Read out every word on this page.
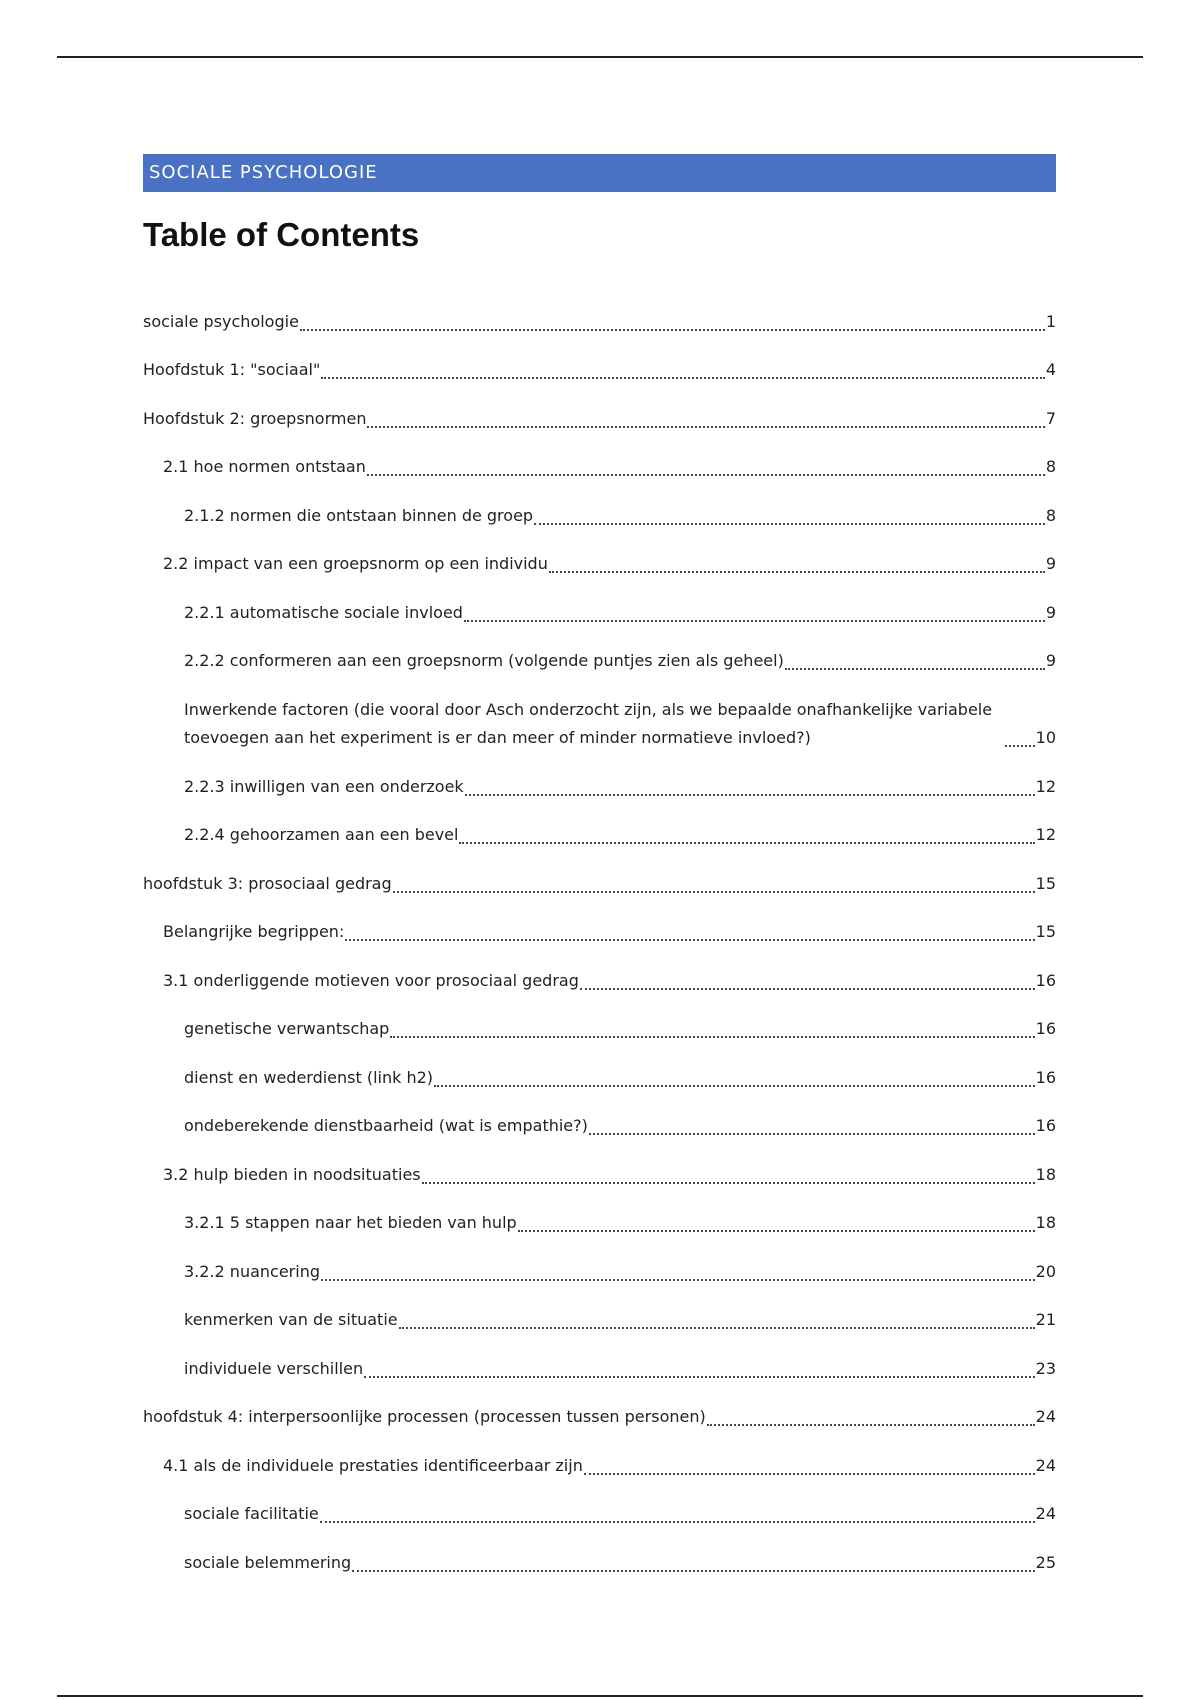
SOCIALE PSYCHOLOGIE
Table of Contents
sociale psychologie	1
Hoofdstuk 1: "sociaal"	4
Hoofdstuk 2: groepsnormen	7
2.1 hoe normen ontstaan	8
2.1.2 normen die ontstaan binnen de groep	8
2.2 impact van een groepsnorm op een individu	9
2.2.1 automatische sociale invloed	9
2.2.2 conformeren aan een groepsnorm (volgende puntjes zien als geheel)	9
Inwerkende factoren (die vooral door Asch onderzocht zijn, als we bepaalde onafhankelijke variabele toevoegen aan het experiment is er dan meer of minder normatieve invloed?)	10
2.2.3 inwilligen van een onderzoek	12
2.2.4 gehoorzamen aan een bevel	12
hoofdstuk 3: prosociaal gedrag	15
Belangrijke begrippen:	15
3.1 onderliggende motieven voor prosociaal gedrag	16
genetische verwantschap	16
dienst en wederdienst (link h2)	16
ondeberekende dienstbaarheid (wat is empathie?)	16
3.2 hulp bieden in noodsituaties	18
3.2.1 5 stappen naar het bieden van hulp	18
3.2.2 nuancering	20
kenmerken van de situatie	21
individuele verschillen	23
hoofdstuk 4: interpersoonlijke processen (processen tussen personen)	24
4.1 als de individuele prestaties identificeerbaar zijn	24
sociale facilitatie	24
sociale belemmering	25
